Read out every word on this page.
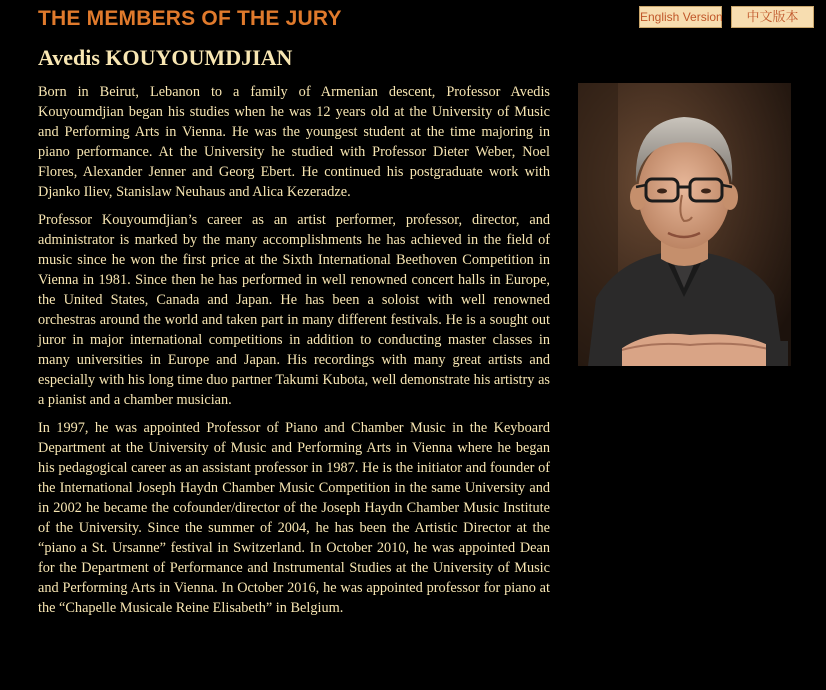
THE MEMBERS OF THE JURY	English Version	中文版本
Avedis KOUYOUMDJIAN

Born in Beirut, Lebanon to a family of Armenian descent, Professor Avedis Kouyoumdjian began his studies when he was 12 years old at the University of Music and Performing Arts in Vienna. He was the youngest student at the time majoring in piano performance. At the University he studied with Professor Dieter Weber, Noel Flores, Alexander Jenner and Georg Ebert. He continued his postgraduate work with Djanko Iliev, Stanislaw Neuhaus and Alica Kezeradze.

Professor Kouyoumdjian’s career as an artist performer, professor, director, and administrator is marked by the many accomplishments he has achieved in the field of music since he won the first price at the Sixth International Beethoven Competition in Vienna in 1981. Since then he has performed in well renowned concert halls in Europe, the United States, Canada and Japan. He has been a soloist with well renowned orchestras around the world and taken part in many different festivals. He is a sought out juror in major international competitions in addition to conducting master classes in many universities in Europe and Japan. His recordings with many great artists and especially with his long time duo partner Takumi Kubota, well demonstrate his artistry as a pianist and a chamber musician.

In 1997, he was appointed Professor of Piano and Chamber Music in the Keyboard Department at the University of Music and Performing Arts in Vienna where he began his pedagogical career as an assistant professor in 1987. He is the initiator and founder of the International Joseph Haydn Chamber Music Competition in the same University and in 2002 he became the cofounder/director of the Joseph Haydn Chamber Music Institute of the University. Since the summer of 2004, he has been the Artistic Director at the “piano a St. Ursanne” festival in Switzerland. In October 2010, he was appointed Dean for the Department of Performance and Instrumental Studies at the University of Music and Performing Arts in Vienna. In October 2016, he was appointed professor for piano at the “Chapelle Musicale Reine Elisabeth” in Belgium.
